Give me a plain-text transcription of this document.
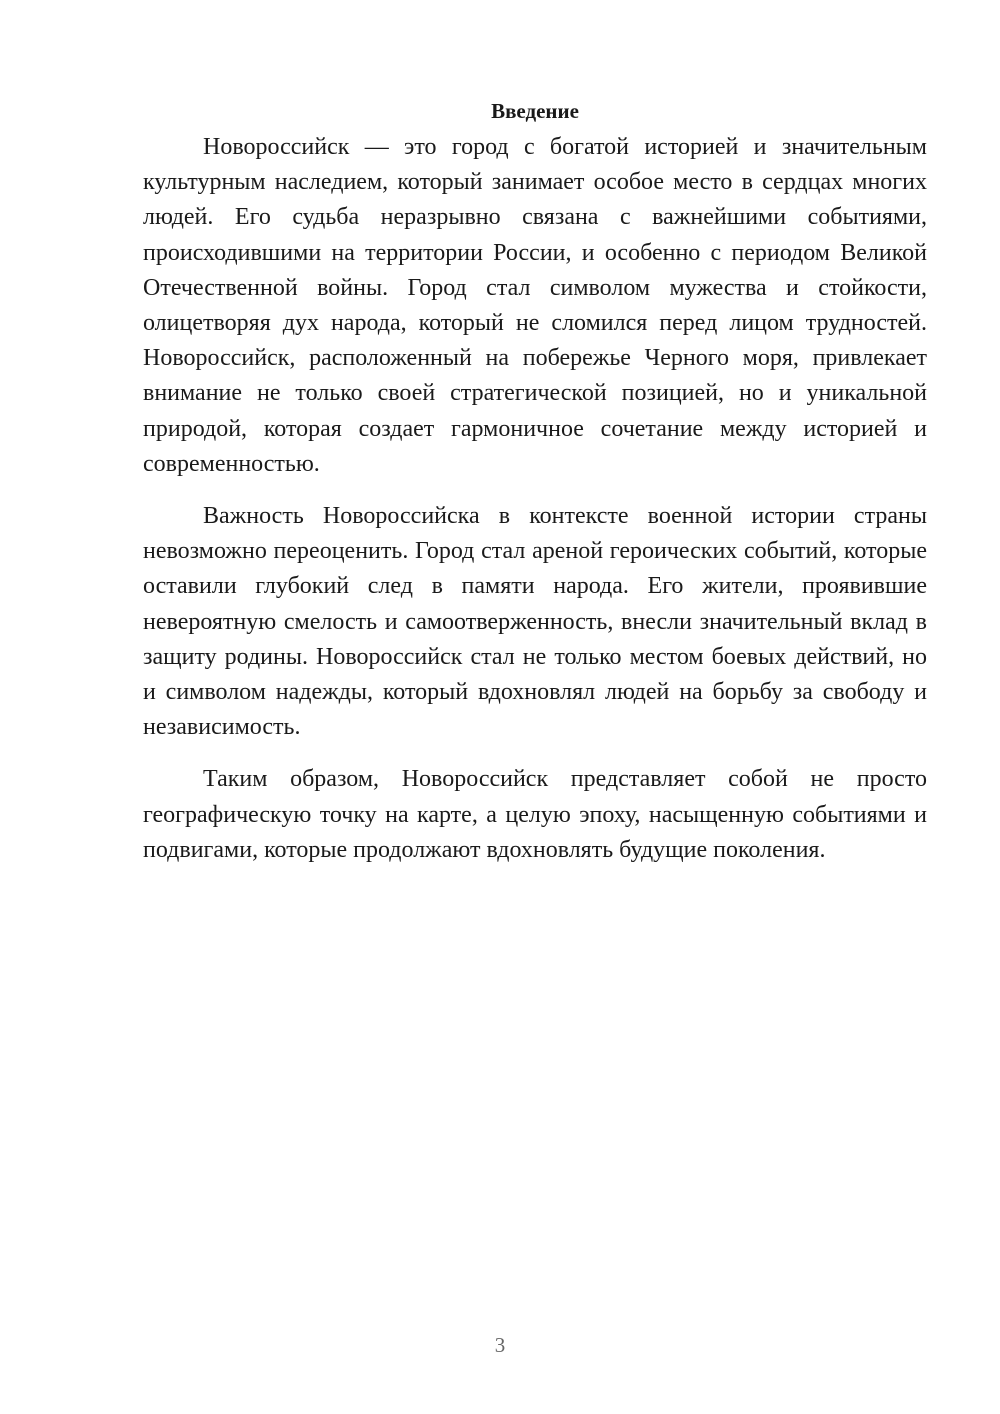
Введение

Новороссийск — это город с богатой историей и значительным культурным наследием, который занимает особое место в сердцах многих людей. Его судьба неразрывно связана с важнейшими событиями, происходившими на территории России, и особенно с периодом Великой Отечественной войны. Город стал символом мужества и стойкости, олицетворяя дух народа, который не сломился перед лицом трудностей. Новороссийск, расположенный на побережье Черного моря, привлекает внимание не только своей стратегической позицией, но и уникальной природой, которая создает гармоничное сочетание между историей и современностью.

Важность Новороссийска в контексте военной истории страны невозможно переоценить. Город стал ареной героических событий, которые оставили глубокий след в памяти народа. Его жители, проявившие невероятную смелость и самоотверженность, внесли значительный вклад в защиту родины. Новороссийск стал не только местом боевых действий, но и символом надежды, который вдохновлял людей на борьбу за свободу и независимость.

Таким образом, Новороссийск представляет собой не просто географическую точку на карте, а целую эпоху, насыщенную событиями и подвигами, которые продолжают вдохновлять будущие поколения.

3
